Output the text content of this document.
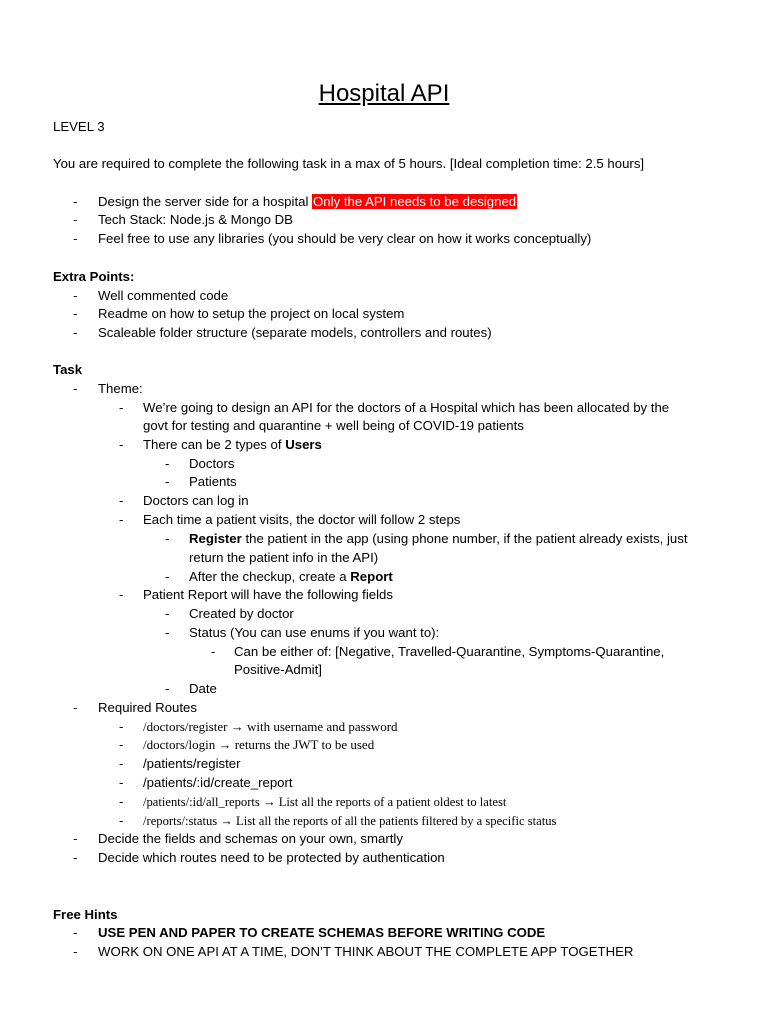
Hospital API
LEVEL 3
You are required to complete the following task in a max of 5 hours. [Ideal completion time: 2.5 hours]
-	Design the server side for a hospital Only the API needs to be designed
-	Tech Stack: Node.js & Mongo DB
-	Feel free to use any libraries (you should be very clear on how it works conceptually)
Extra Points:
-	Well commented code
-	Readme on how to setup the project on local system
-	Scaleable folder structure (separate models, controllers and routes)
Task
-	Theme:
-	We’re going to design an API for the doctors of a Hospital which has been allocated by the
govt for testing and quarantine + well being of COVID-19 patients
-	There can be 2 types of Users
-	Doctors
-	Patients
-	Doctors can log in
-	Each time a patient visits, the doctor will follow 2 steps
-	Register the patient in the app (using phone number, if the patient already exists, just
return the patient info in the API)
-	After the checkup, create a Report
-	Patient Report will have the following fields
-	Created by doctor
-	Status (You can use enums if you want to):
-	Can be either of: [Negative, Travelled-Quarantine, Symptoms-Quarantine,
Positive-Admit]
-	Date
-	Required Routes
-	/doctors/register → with username and password
-	/doctors/login → returns the JWT to be used
-	/patients/register
-	/patients/:id/create_report
-	/patients/:id/all_reports → List all the reports of a patient oldest to latest
-	/reports/:status → List all the reports of all the patients filtered by a specific status
-	Decide the fields and schemas on your own, smartly
-	Decide which routes need to be protected by authentication
Free Hints
-	USE PEN AND PAPER TO CREATE SCHEMAS BEFORE WRITING CODE
-	WORK ON ONE API AT A TIME, DON’T THINK ABOUT THE COMPLETE APP TOGETHER
